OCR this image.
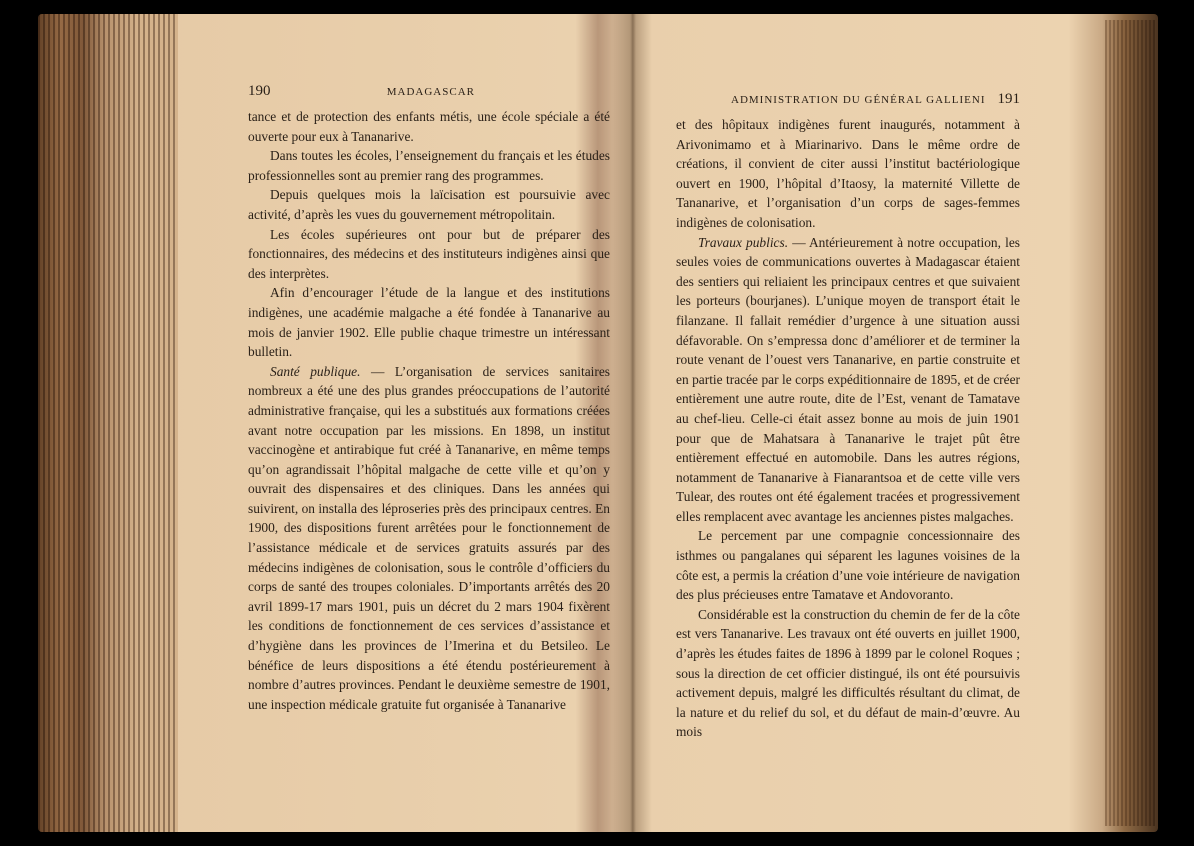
190	MADAGASCAR

tance et de protection des enfants métis, une école spéciale a été ouverte pour eux à Tananarive.

Dans toutes les écoles, l’enseignement du français et les études professionnelles sont au premier rang des programmes.

Depuis quelques mois la laïcisation est poursuivie avec activité, d’après les vues du gouvernement métropolitain.

Les écoles supérieures ont pour but de préparer des fonctionnaires, des médecins et des instituteurs indigènes ainsi que des interprètes.

Afin d’encourager l’étude de la langue et des institutions indigènes, une académie malgache a été fondée à Tananarive au mois de janvier 1902. Elle publie chaque trimestre un intéressant bulletin.

Santé publique. — L’organisation de services sanitaires nombreux a été une des plus grandes préoccupations de l’autorité administrative française, qui les a substitués aux formations créées avant notre occupation par les missions. En 1898, un institut vaccinogène et antirabique fut créé à Tananarive, en même temps qu’on agrandissait l’hôpital malgache de cette ville et qu’on y ouvrait des dispensaires et des cliniques. Dans les années qui suivirent, on installa des léproseries près des principaux centres. En 1900, des dispositions furent arrêtées pour le fonctionnement de l’assistance médicale et de services gratuits assurés par des médecins indigènes de colonisation, sous le contrôle d’officiers du corps de santé des troupes coloniales. D’importants arrêtés des 20 avril 1899-17 mars 1901, puis un décret du 2 mars 1904 fixèrent les conditions de fonctionnement de ces services d’assistance et d’hygiène dans les provinces de l’Imerina et du Betsileo. Le bénéfice de leurs dispositions a été étendu postérieurement à nombre d’autres provinces. Pendant le deuxième semestre de 1901, une inspection médicale gratuite fut organisée à Tananarive

ADMINISTRATION DU GÉNÉRAL GALLIENI 191

et des hôpitaux indigènes furent inaugurés, notamment à Arivonimamo et à Miarinarivo. Dans le même ordre de créations, il convient de citer aussi l’institut bactériologique ouvert en 1900, l’hôpital d’Itaosy, la maternité Villette de Tananarive, et l’organisation d’un corps de sages-femmes indigènes de colonisation.

Travaux publics. — Antérieurement à notre occupation, les seules voies de communications ouvertes à Madagascar étaient des sentiers qui reliaient les principaux centres et que suivaient les porteurs (bourjanes). L’unique moyen de transport était le filanzane. Il fallait remédier d’urgence à une situation aussi défavorable. On s’empressa donc d’améliorer et de terminer la route venant de l’ouest vers Tananarive, en partie construite et en partie tracée par le corps expéditionnaire de 1895, et de créer entièrement une autre route, dite de l’Est, venant de Tamatave au chef-lieu. Celle-ci était assez bonne au mois de juin 1901 pour que de Mahatsara à Tananarive le trajet pût être entièrement effectué en automobile. Dans les autres régions, notamment de Tananarive à Fianarantsoa et de cette ville vers Tulear, des routes ont été également tracées et progressivement elles remplacent avec avantage les anciennes pistes malgaches.

Le percement par une compagnie concessionnaire des isthmes ou pangalanes qui séparent les lagunes voisines de la côte est, a permis la création d’une voie intérieure de navigation des plus précieuses entre Tamatave et Andovoranto.

Considérable est la construction du chemin de fer de la côte est vers Tananarive. Les travaux ont été ouverts en juillet 1900, d’après les études faites de 1896 à 1899 par le colonel Roques ; sous la direction de cet officier distingué, ils ont été poursuivis activement depuis, malgré les difficultés résultant du climat, de la nature et du relief du sol, et du défaut de main-d’œuvre. Au mois
